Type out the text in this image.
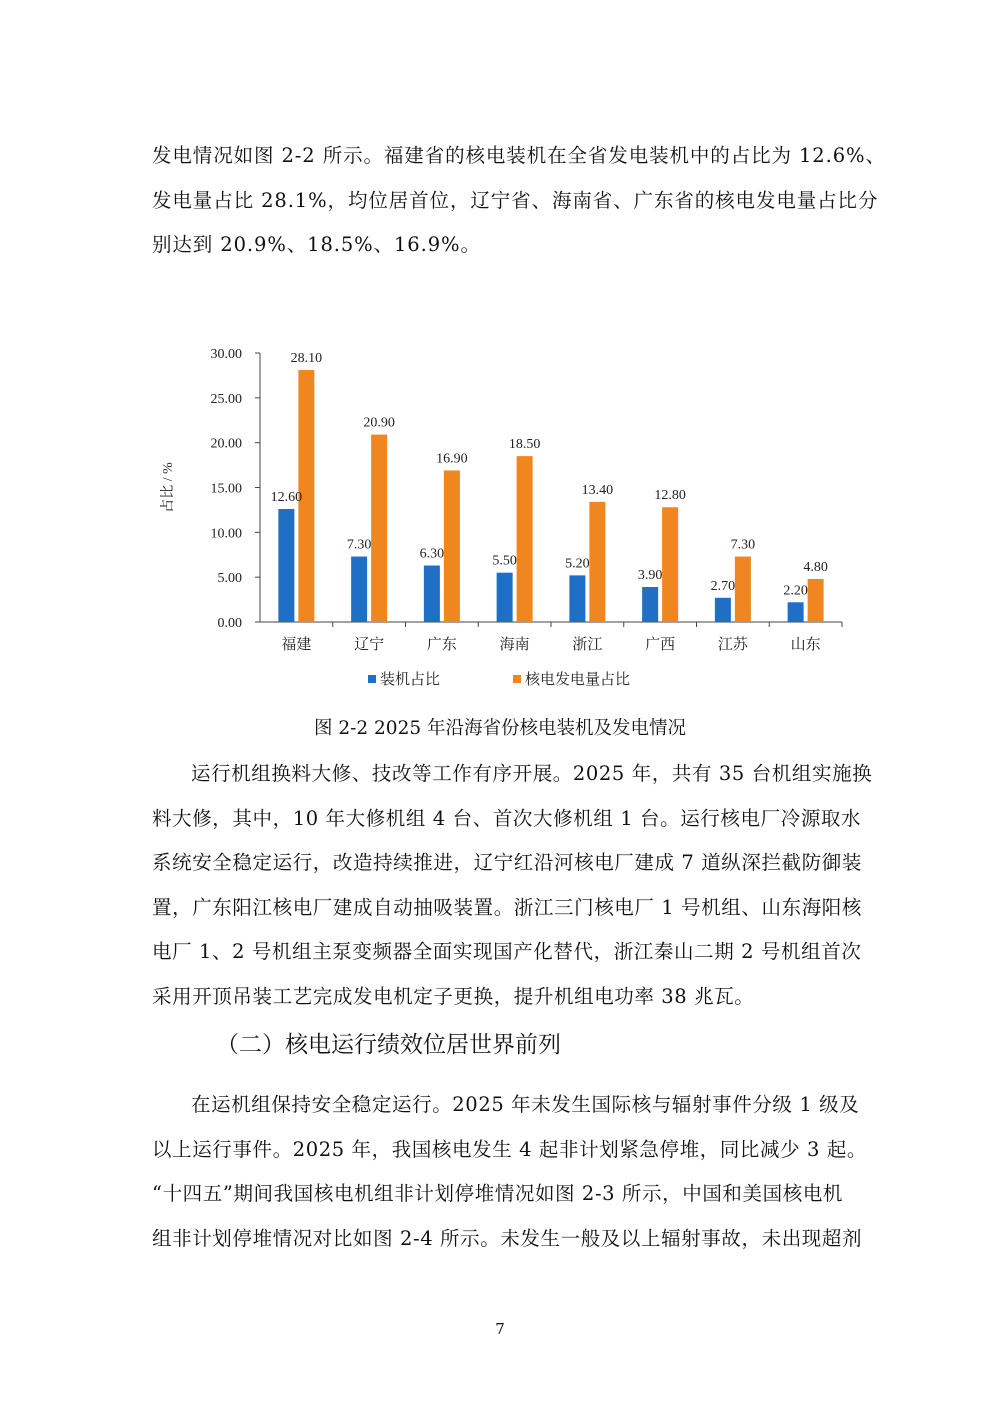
发电情况如图 2-2 所示。福建省的核电装机在全省发电装机中的占比为 12.6%、
发电量占比 28.1%，均位居首位，辽宁省、海南省、广东省的核电发电量占比分
别达到 20.9%、18.5%、16.9%。
0.00
5.00
10.00
15.00
20.00
25.00
30.00
占比 / %
福建	辽宁	广东	海南	浙江	广西	江苏	山东
12.60
28.10
7.30
20.90
6.30
16.90
5.50
18.50
5.20
13.40
3.90
12.80
2.70
7.30
2.20
4.80
装机占比	核电发电量占比
图 2-2 2025 年沿海省份核电装机及发电情况
运行机组换料大修、技改等工作有序开展。2025 年，共有 35 台机组实施换
料大修，其中，10 年大修机组 4 台、首次大修机组 1 台。运行核电厂冷源取水
系统安全稳定运行，改造持续推进，辽宁红沿河核电厂建成 7 道纵深拦截防御装
置，广东阳江核电厂建成自动抽吸装置。浙江三门核电厂 1 号机组、山东海阳核
电厂 1、2 号机组主泵变频器全面实现国产化替代，浙江秦山二期 2 号机组首次
采用开顶吊装工艺完成发电机定子更换，提升机组电功率 38 兆瓦。
（二）核电运行绩效位居世界前列
在运机组保持安全稳定运行。2025 年未发生国际核与辐射事件分级 1 级及
以上运行事件。2025 年，我国核电发生 4 起非计划紧急停堆，同比减少 3 起。
“十四五”期间我国核电机组非计划停堆情况如图 2-3 所示，中国和美国核电机
组非计划停堆情况对比如图 2-4 所示。未发生一般及以上辐射事故，未出现超剂
7
